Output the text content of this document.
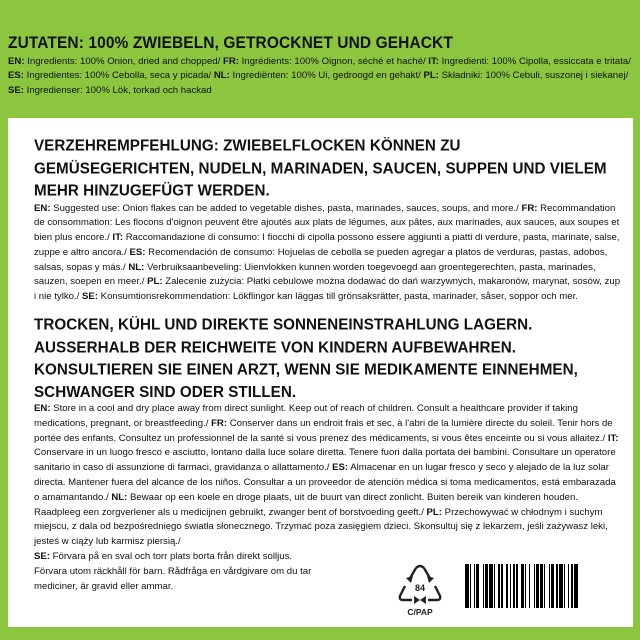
ZUTATEN: 100% ZWIEBELN, GETROCKNET UND GEHACKT

EN: Ingredients: 100% Onion, dried and chopped/ FR: Ingrédients: 100% Oignon, séché et haché/ IT: Ingredienti: 100% Cipolla, essiccata e tritata/ ES: Ingredientes: 100% Cebolla, seca y picada/ NL: Ingrediënten: 100% Ui, gedroogd en gehakt/ PL: Składniki: 100% Cebuli, suszonej i siekanej/ SE: Ingredienser: 100% Lök, torkad och hackad

VERZEHREMPFEHLUNG: ZWIEBELFLOCKEN KÖNNEN ZU GEMÜSEGERICHTEN, NUDELN, MARINADEN, SAUCEN, SUPPEN UND VIELEM MEHR HINZUGEFÜGT WERDEN.

EN: Suggested use: Onion flakes can be added to vegetable dishes, pasta, marinades, sauces, soups, and more./ FR: Recommandation de consommation: Les flocons d'oignon peuvent être ajoutés aux plats de légumes, aux pâtes, aux marinades, aux sauces, aux soupes et bien plus encore./ IT: Raccomandazione di consumo: I fiocchi di cipolla possono essere aggiunti a piatti di verdure, pasta, marinate, salse, zuppe e altro ancora./ ES: Recomendación de consumo: Hojuelas de cebolla se pueden agregar a platos de verduras, pastas, adobos, salsas, sopas y más./ NL: Verbruiksaanbeveling: Uienvlokken kunnen worden toegevoegd aan groentegerechten, pasta, marinades, sauzen, soepen en meer./ PL: Zalecenie zużycia: Płatki cebulowe można dodawać do dań warzywnych, makaronów, marynat, sosów, zup i nie tylko./ SE: Konsumtionsrekommendation: Lökflingor kan läggas till grönsaksrätter, pasta, marinader, såser, soppor och mer.

TROCKEN, KÜHL UND DIREKTE SONNENEINSTRAHLUNG LAGERN. AUSSERHALB DER REICHWEITE VON KINDERN AUFBEWAHREN. KONSULTIEREN SIE EINEN ARZT, WENN SIE MEDIKAMENTE EINNEHMEN, SCHWANGER SIND ODER STILLEN.

EN: Store in a cool and dry place away from direct sunlight. Keep out of reach of children. Consult a healthcare provider if taking medications, pregnant, or breastfeeding./ FR: Conserver dans un endroit frais et sec, à l'abri de la lumière directe du soleil. Tenir hors de portée des enfants. Consultez un professionnel de la santé si vous prenez des médicaments, si vous êtes enceinte ou si vous allaitez./ IT: Conservare in un luogo fresco e asciutto, lontano dalla luce solare diretta. Tenere fuori dalla portata dei bambini. Consultare un operatore sanitario in caso di assunzione di farmaci, gravidanza o allattamento./ ES: Almacenar en un lugar fresco y seco y alejado de la luz solar directa. Mantener fuera del alcance de los niños. Consultar a un proveedor de atención médica si toma medicamentos, está embarazada o amamantando./ NL: Bewaar op een koele en droge plaats, uit de buurt van direct zonlicht. Buiten bereik van kinderen houden. Raadpleeg een zorgverlener als u medicijnen gebruikt, zwanger bent of borstvoeding geeft./ PL: Przechowywać w chłodnym i suchym miejscu, z dala od bezpośredniego światła słonecznego. Trzymać poza zasięgiem dzieci. Skonsultuj się z lekarzem, jeśli zażywasz leki, jesteś w ciąży lub karmisz piersią./

SE: Förvara på en sval och torr plats borta från direkt solljus. Förvara utom räckhåll för barn. Rådfråga en vårdgivare om du tar mediciner, är gravid eller ammar.	84
C/PAP
